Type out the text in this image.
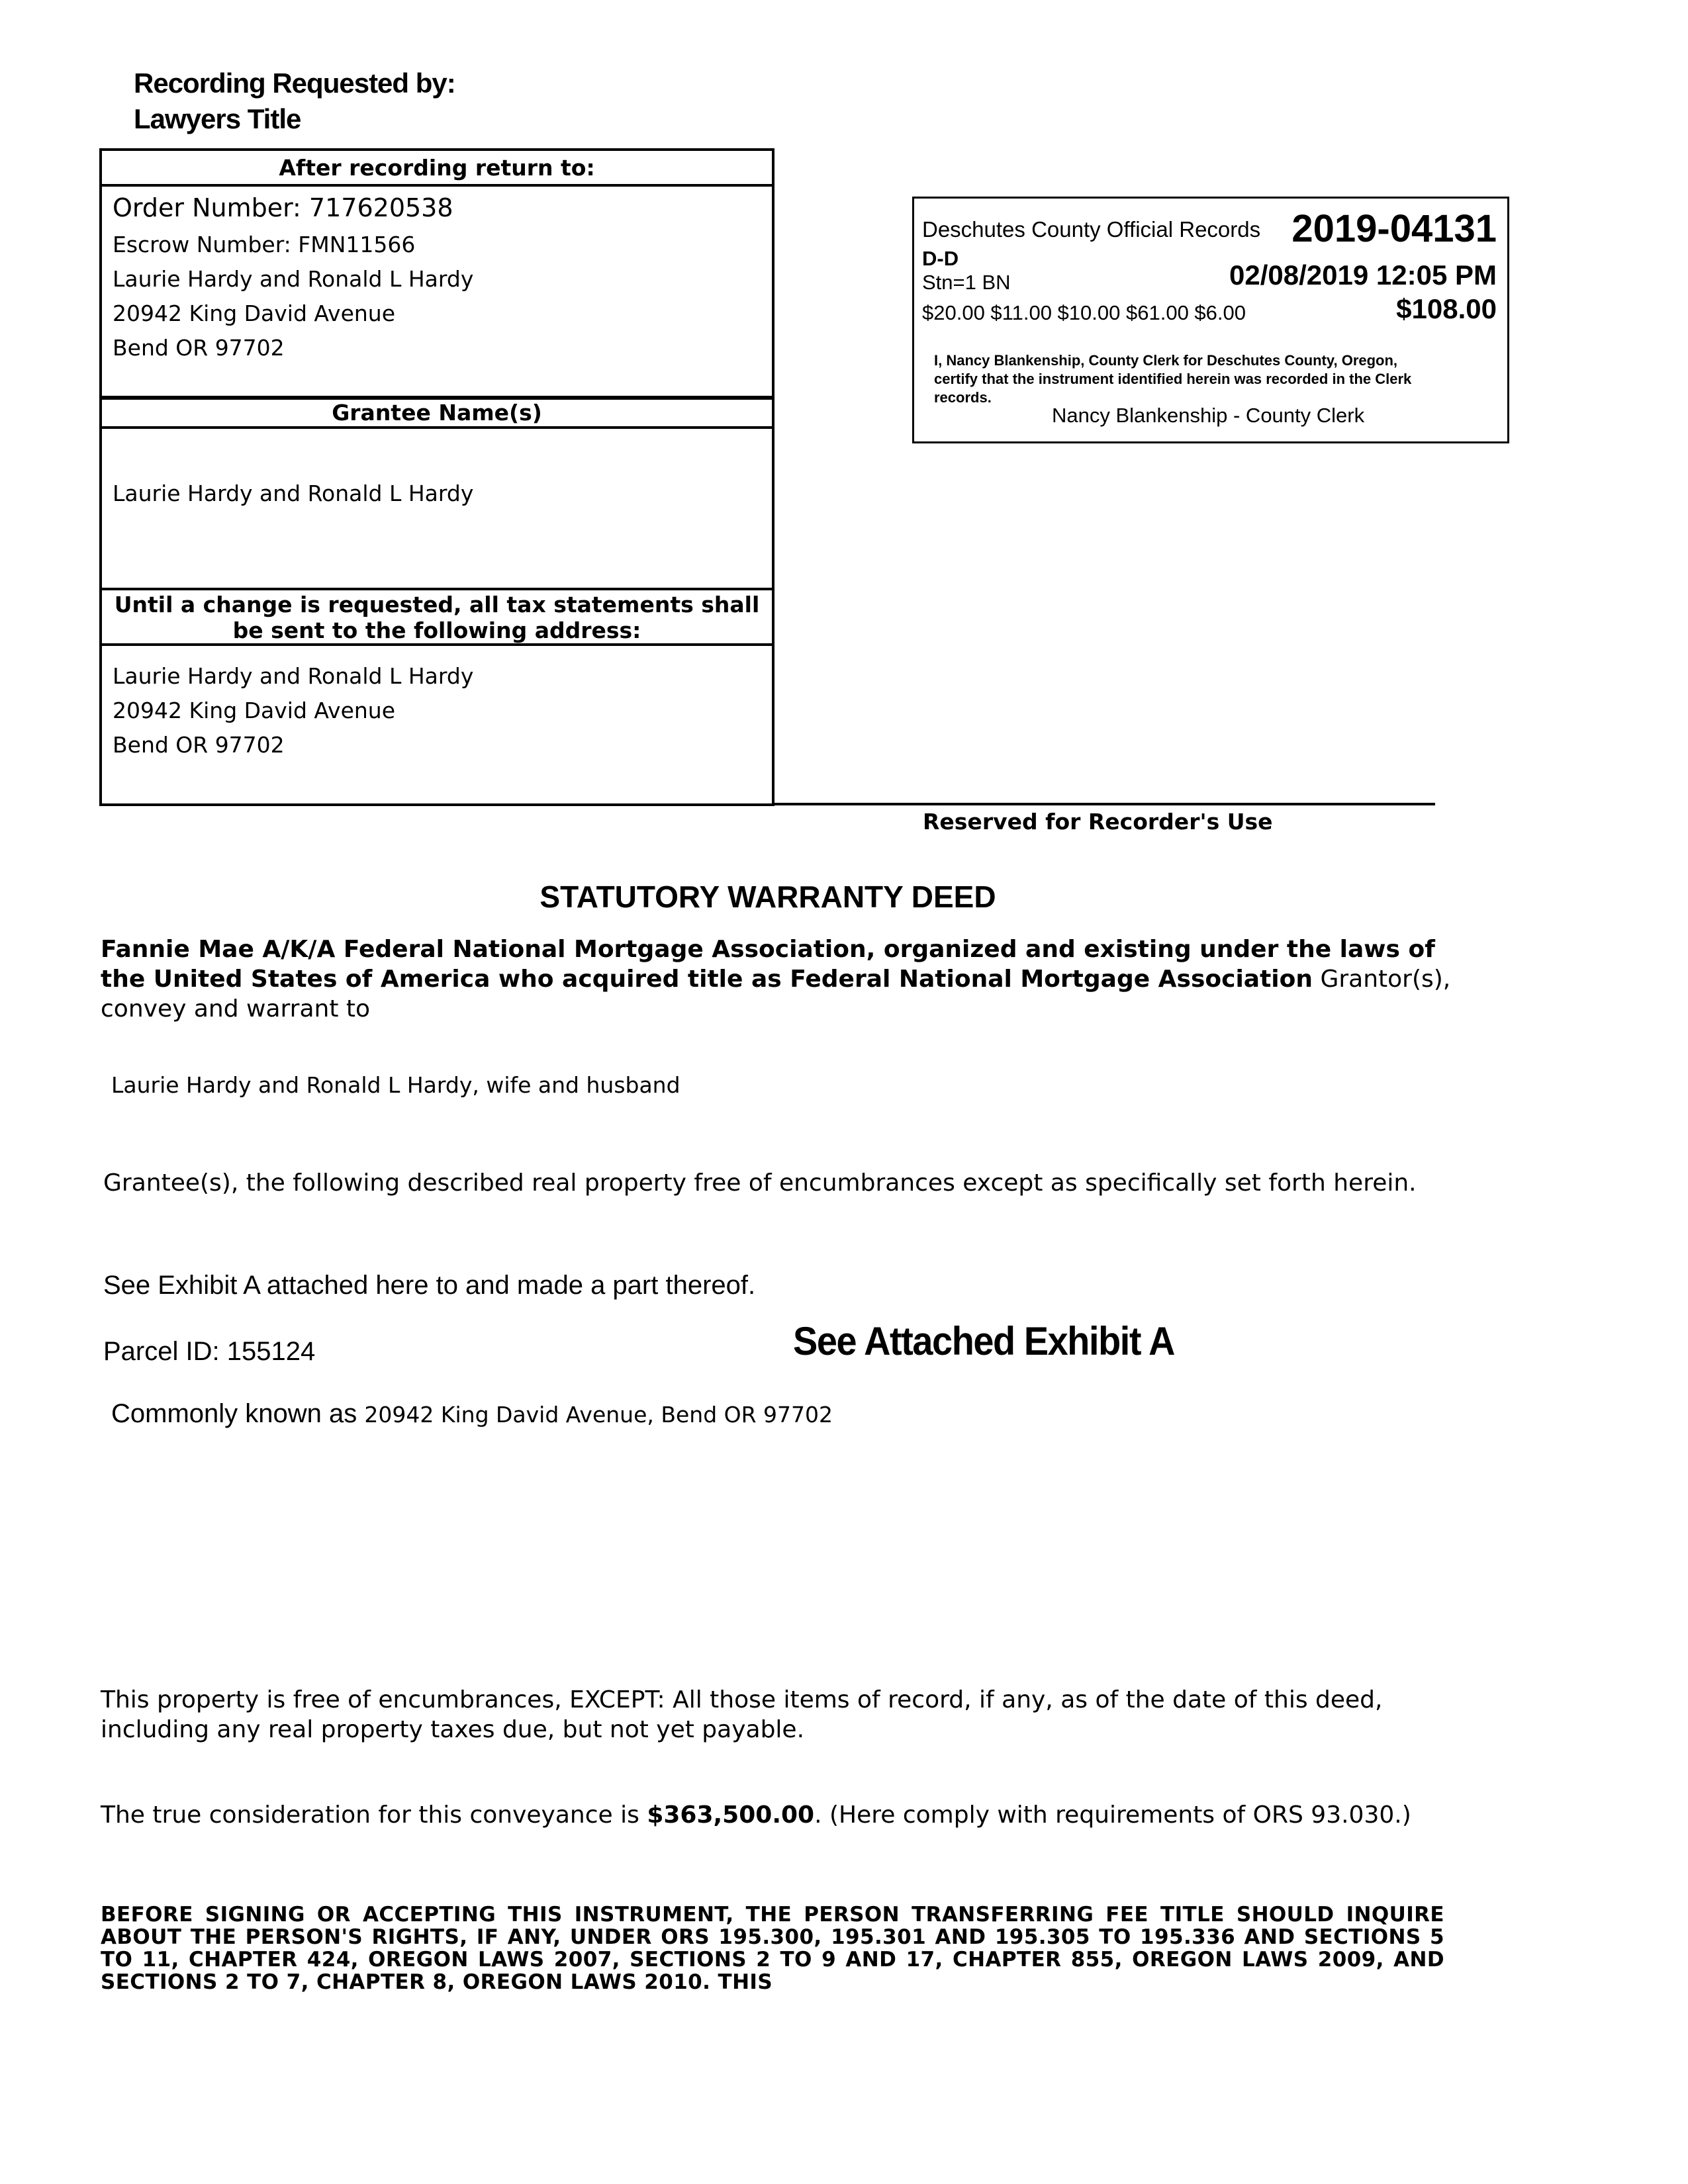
Recording Requested by:
Lawyers Title
After recording return to:
Order Number: 717620538
Escrow Number: FMN11566
Laurie Hardy and Ronald L Hardy
20942 King David Avenue
Bend OR 97702
Grantee Name(s)
Laurie Hardy and Ronald L Hardy
Until a change is requested, all tax statements shall
be sent to the following address:
Laurie Hardy and Ronald L Hardy
20942 King David Avenue
Bend OR 97702
Reserved for Recorder's Use
Deschutes County Official Records 2019-04131
D-D
Stn=1 BN	02/08/2019 12:05 PM
$20.00 $11.00 $10.00 $61.00 $6.00	$108.00
I, Nancy Blankenship, County Clerk for Deschutes County, Oregon,
certify that the instrument identified herein was recorded in the Clerk
records.
Nancy Blankenship - County Clerk
STATUTORY WARRANTY DEED
Fannie Mae A/K/A Federal National Mortgage Association, organized and existing under the laws of the United States of America who acquired title as Federal National Mortgage Association Grantor(s), convey and warrant to
Laurie Hardy and Ronald L Hardy, wife and husband
Grantee(s), the following described real property free of encumbrances except as specifically set forth herein.
See Exhibit A attached here to and made a part thereof.
Parcel ID: 155124	See Attached Exhibit A
Commonly known as 20942 King David Avenue, Bend OR 97702
This property is free of encumbrances, EXCEPT: All those items of record, if any, as of the date of this deed, including any real property taxes due, but not yet payable.
The true consideration for this conveyance is $363,500.00. (Here comply with requirements of ORS 93.030.)
BEFORE SIGNING OR ACCEPTING THIS INSTRUMENT, THE PERSON TRANSFERRING FEE TITLE SHOULD INQUIRE ABOUT THE PERSON'S RIGHTS, IF ANY, UNDER ORS 195.300, 195.301 AND 195.305 TO 195.336 AND SECTIONS 5 TO 11, CHAPTER 424, OREGON LAWS 2007, SECTIONS 2 TO 9 AND 17, CHAPTER 855, OREGON LAWS 2009, AND SECTIONS 2 TO 7, CHAPTER 8, OREGON LAWS 2010. THIS
